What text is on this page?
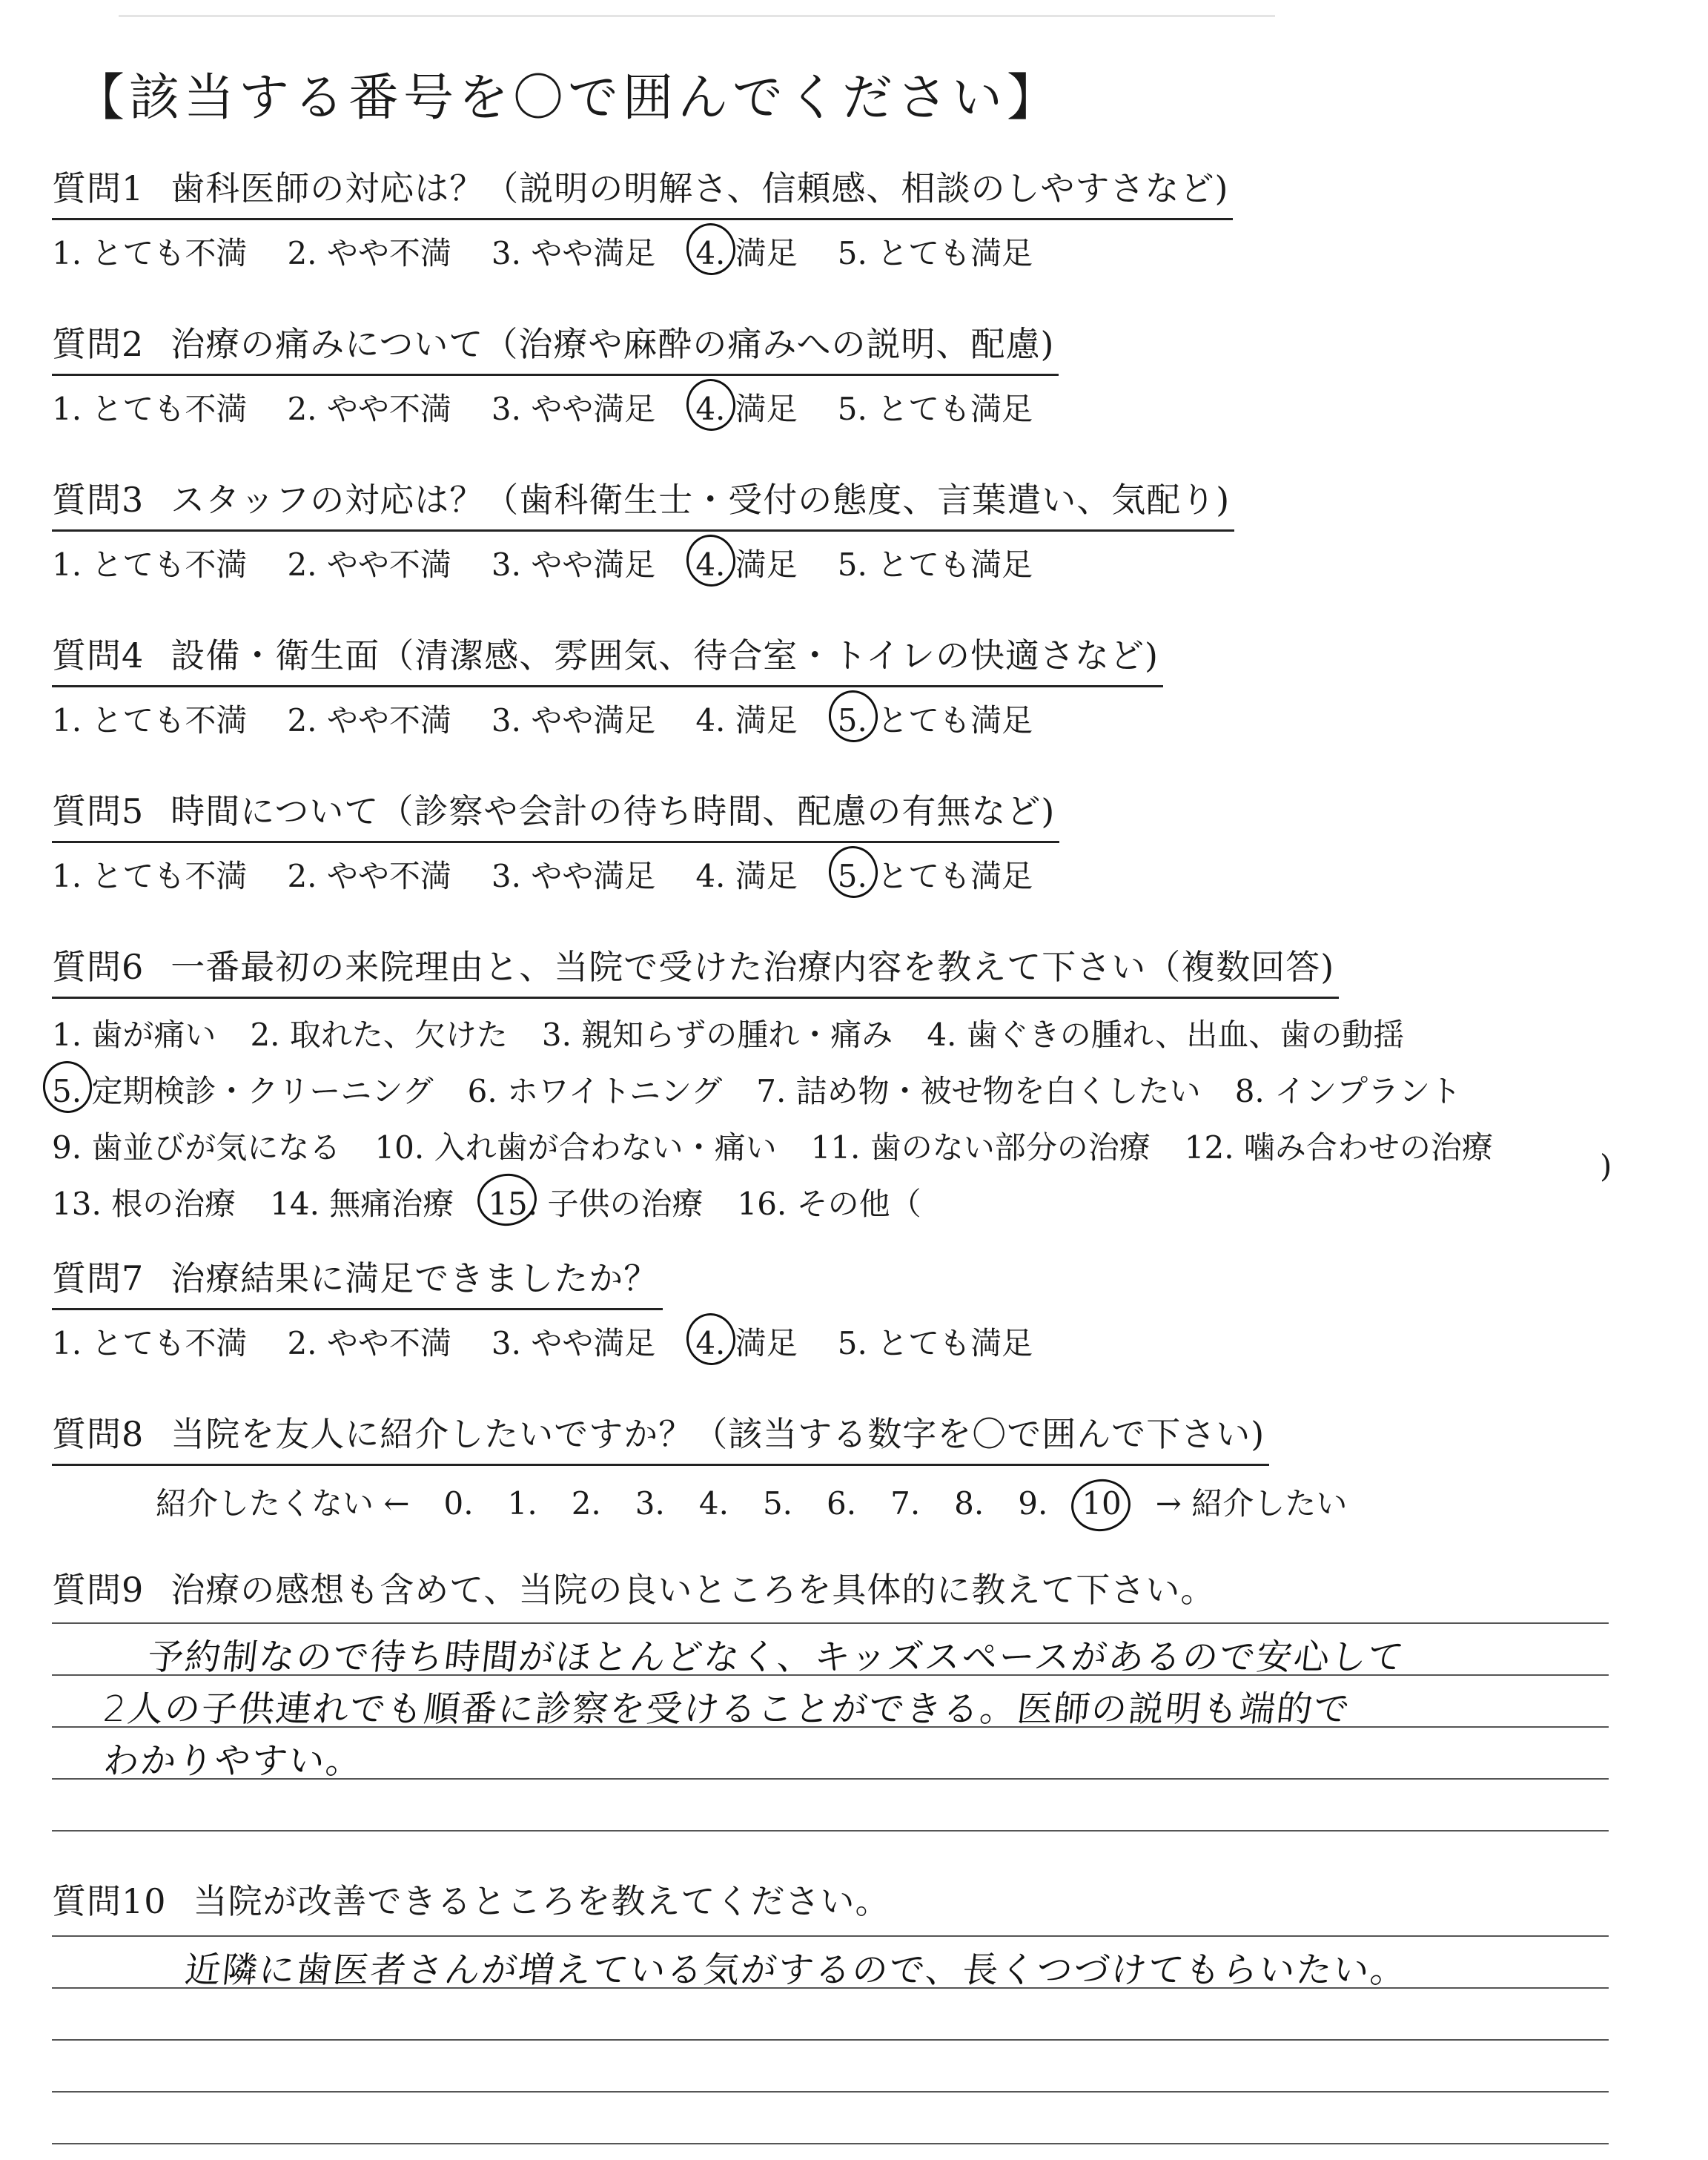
【該当する番号を〇で囲んでください】
質問1 歯科医師の対応は？（説明の明解さ、信頼感、相談のしやすさなど)
1. とても不満 2. やや不満 3. やや満足 4. 満足 5. とても満足
質問2 治療の痛みについて（治療や麻酔の痛みへの説明、配慮)
1. とても不満 2. やや不満 3. やや満足 4. 満足 5. とても満足
質問3 スタッフの対応は？（歯科衛生士・受付の態度、言葉遣い、気配り)
1. とても不満 2. やや不満 3. やや満足 4. 満足 5. とても満足
質問4 設備・衛生面（清潔感、雰囲気、待合室・トイレの快適さなど)
1. とても不満 2. やや不満 3. やや満足 4. 満足 5. とても満足
質問5 時間について（診察や会計の待ち時間、配慮の有無など)
1. とても不満 2. やや不満 3. やや満足 4. 満足 5. とても満足
質問6 一番最初の来院理由と、当院で受けた治療内容を教えて下さい（複数回答)
1. 歯が痛い 2. 取れた、欠けた 3. 親知らずの腫れ・痛み 4. 歯ぐきの腫れ、出血、歯の動揺
5. 定期検診・クリーニング 6. ホワイトニング 7. 詰め物・被せ物を白くしたい 8. インプラント
9. 歯並びが気になる 10. 入れ歯が合わない・痛い 11. 歯のない部分の治療 12. 噛み合わせの治療
13. 根の治療 14. 無痛治療 15. 子供の治療 16. その他（
)
質問7 治療結果に満足できましたか？
1. とても不満 2. やや不満 3. やや満足 4. 満足 5. とても満足
質問8 当院を友人に紹介したいですか？（該当する数字を〇で囲んで下さい)
紹介したくない ← 0. 1. 2. 3. 4. 5. 6. 7. 8. 9. 10 → 紹介したい
質問9 治療の感想も含めて、当院の良いところを具体的に教えて下さい。
予約制なので待ち時間がほとんどなく、キッズスペースがあるので安心して
2人の子供連れでも順番に診察を受けることができる。医師の説明も端的で
わかりやすい。
質問10 当院が改善できるところを教えてください。
近隣に歯医者さんが増えている気がするので、長くつづけてもらいたい。
